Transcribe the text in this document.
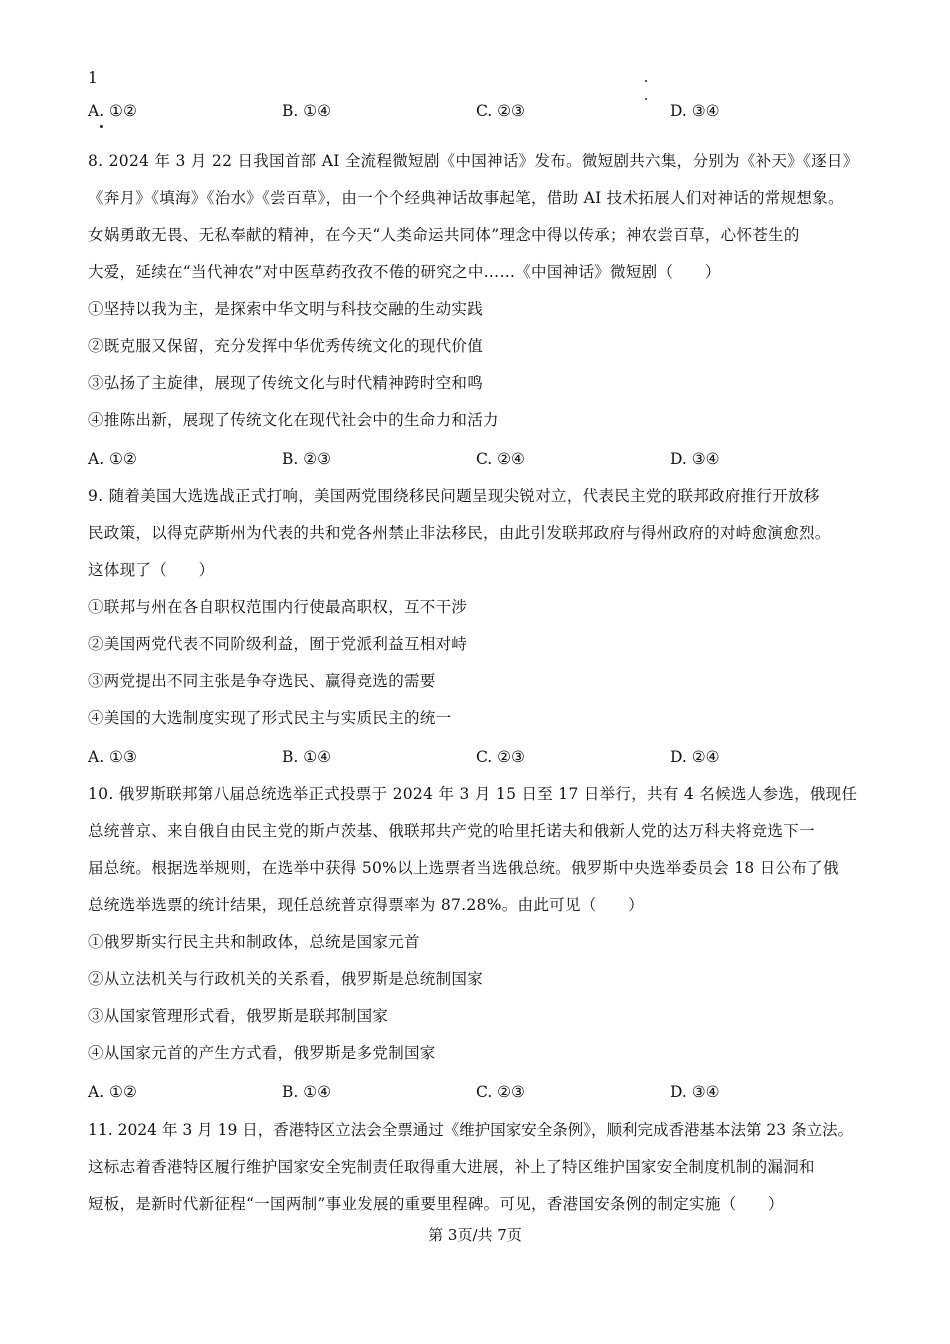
1
A. ①②	B. ①④	C. ②③	D. ③④
8. 2024 年 3 月 22 日我国首部 AI 全流程微短剧《中国神话》发布。微短剧共六集，分别为《补天》《逐日》
《奔月》《填海》《治水》《尝百草》，由一个个经典神话故事起笔，借助 AI 技术拓展人们对神话的常规想象。
女娲勇敢无畏、无私奉献的精神，在今天“人类命运共同体”理念中得以传承；神农尝百草，心怀苍生的
大爱，延续在“当代神农”对中医草药孜孜不倦的研究之中……《中国神话》微短剧（　　）
①坚持以我为主，是探索中华文明与科技交融的生动实践
②既克服又保留，充分发挥中华优秀传统文化的现代价值
③弘扬了主旋律，展现了传统文化与时代精神跨时空和鸣
④推陈出新，展现了传统文化在现代社会中的生命力和活力
A. ①②	B. ②③	C. ②④	D. ③④
9. 随着美国大选选战正式打响，美国两党围绕移民问题呈现尖锐对立，代表民主党的联邦政府推行开放移
民政策，以得克萨斯州为代表的共和党各州禁止非法移民，由此引发联邦政府与得州政府的对峙愈演愈烈。
这体现了（　　）
①联邦与州在各自职权范围内行使最高职权，互不干涉
②美国两党代表不同阶级利益，囿于党派利益互相对峙
③两党提出不同主张是争夺选民、赢得竞选的需要
④美国的大选制度实现了形式民主与实质民主的统一
A. ①③	B. ①④	C. ②③	D. ②④
10. 俄罗斯联邦第八届总统选举正式投票于 2024 年 3 月 15 日至 17 日举行，共有 4 名候选人参选，俄现任
总统普京、来自俄自由民主党的斯卢茨基、俄联邦共产党的哈里托诺夫和俄新人党的达万科夫将竞选下一
届总统。根据选举规则，在选举中获得 50%以上选票者当选俄总统。俄罗斯中央选举委员会 18 日公布了俄
总统选举选票的统计结果，现任总统普京得票率为 87.28%。由此可见（　　）
①俄罗斯实行民主共和制政体，总统是国家元首
②从立法机关与行政机关的关系看，俄罗斯是总统制国家
③从国家管理形式看，俄罗斯是联邦制国家
④从国家元首的产生方式看，俄罗斯是多党制国家
A. ①②	B. ①④	C. ②③	D. ③④
11. 2024 年 3 月 19 日，香港特区立法会全票通过《维护国家安全条例》，顺利完成香港基本法第 23 条立法。
这标志着香港特区履行维护国家安全宪制责任取得重大进展，补上了特区维护国家安全制度机制的漏洞和
短板，是新时代新征程“一国两制”事业发展的重要里程碑。可见，香港国安条例的制定实施（　　）
第 3页/共 7页
